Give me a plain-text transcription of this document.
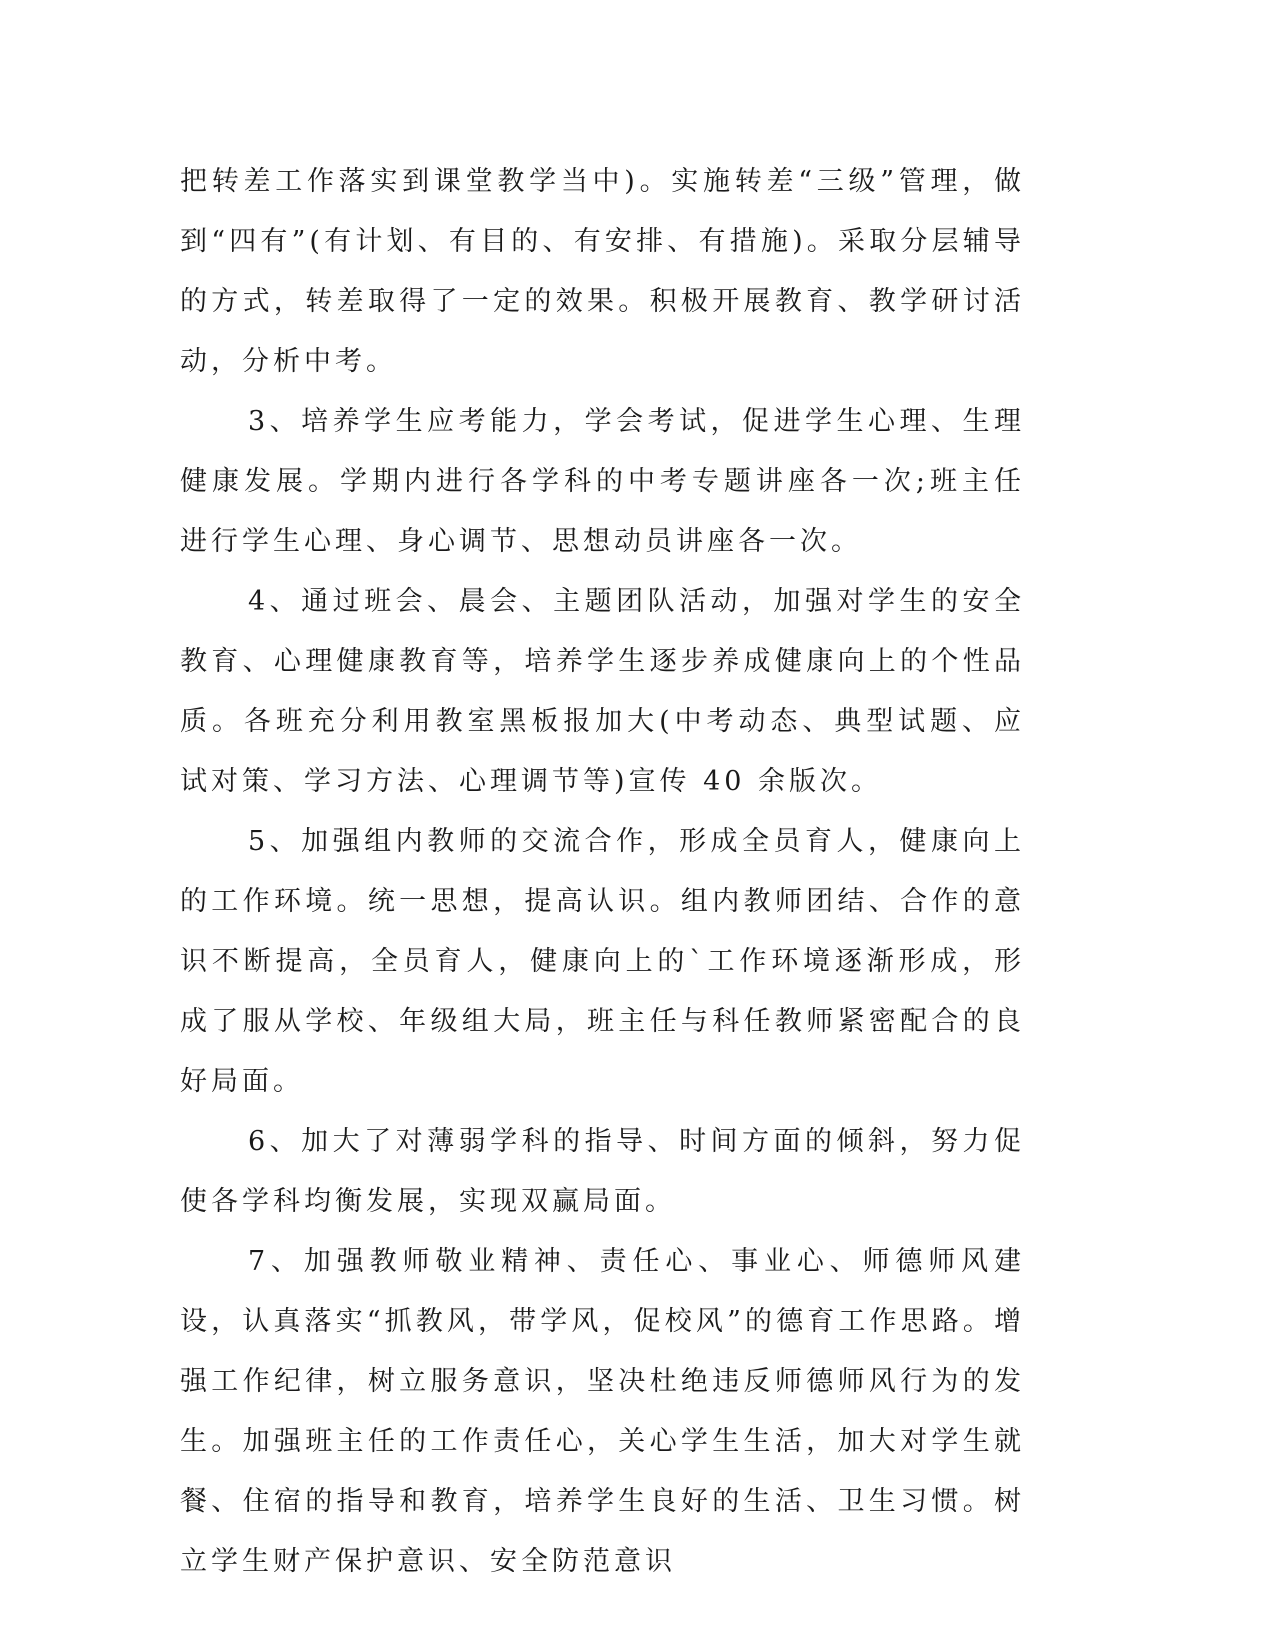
把转差工作落实到课堂教学当中)。实施转差“三级”管理，做到“四有”(有计划、有目的、有安排、有措施)。采取分层辅导的方式，转差取得了一定的效果。积极开展教育、教学研讨活动，分析中考。

3、培养学生应考能力，学会考试，促进学生心理、生理健康发展。学期内进行各学科的中考专题讲座各一次;班主任进行学生心理、身心调节、思想动员讲座各一次。

4、通过班会、晨会、主题团队活动，加强对学生的安全教育、心理健康教育等，培养学生逐步养成健康向上的个性品质。各班充分利用教室黑板报加大(中考动态、典型试题、应试对策、学习方法、心理调节等)宣传 40 余版次。

5、加强组内教师的交流合作，形成全员育人，健康向上的工作环境。统一思想，提高认识。组内教师团结、合作的意识不断提高，全员育人，健康向上的`工作环境逐渐形成，形成了服从学校、年级组大局，班主任与科任教师紧密配合的良好局面。

6、加大了对薄弱学科的指导、时间方面的倾斜，努力促使各学科均衡发展，实现双赢局面。

7、加强教师敬业精神、责任心、事业心、师德师风建设，认真落实“抓教风，带学风，促校风”的德育工作思路。增强工作纪律，树立服务意识，坚决杜绝违反师德师风行为的发生。加强班主任的工作责任心，关心学生生活，加大对学生就餐、住宿的指导和教育，培养学生良好的生活、卫生习惯。树立学生财产保护意识、安全防范意识
